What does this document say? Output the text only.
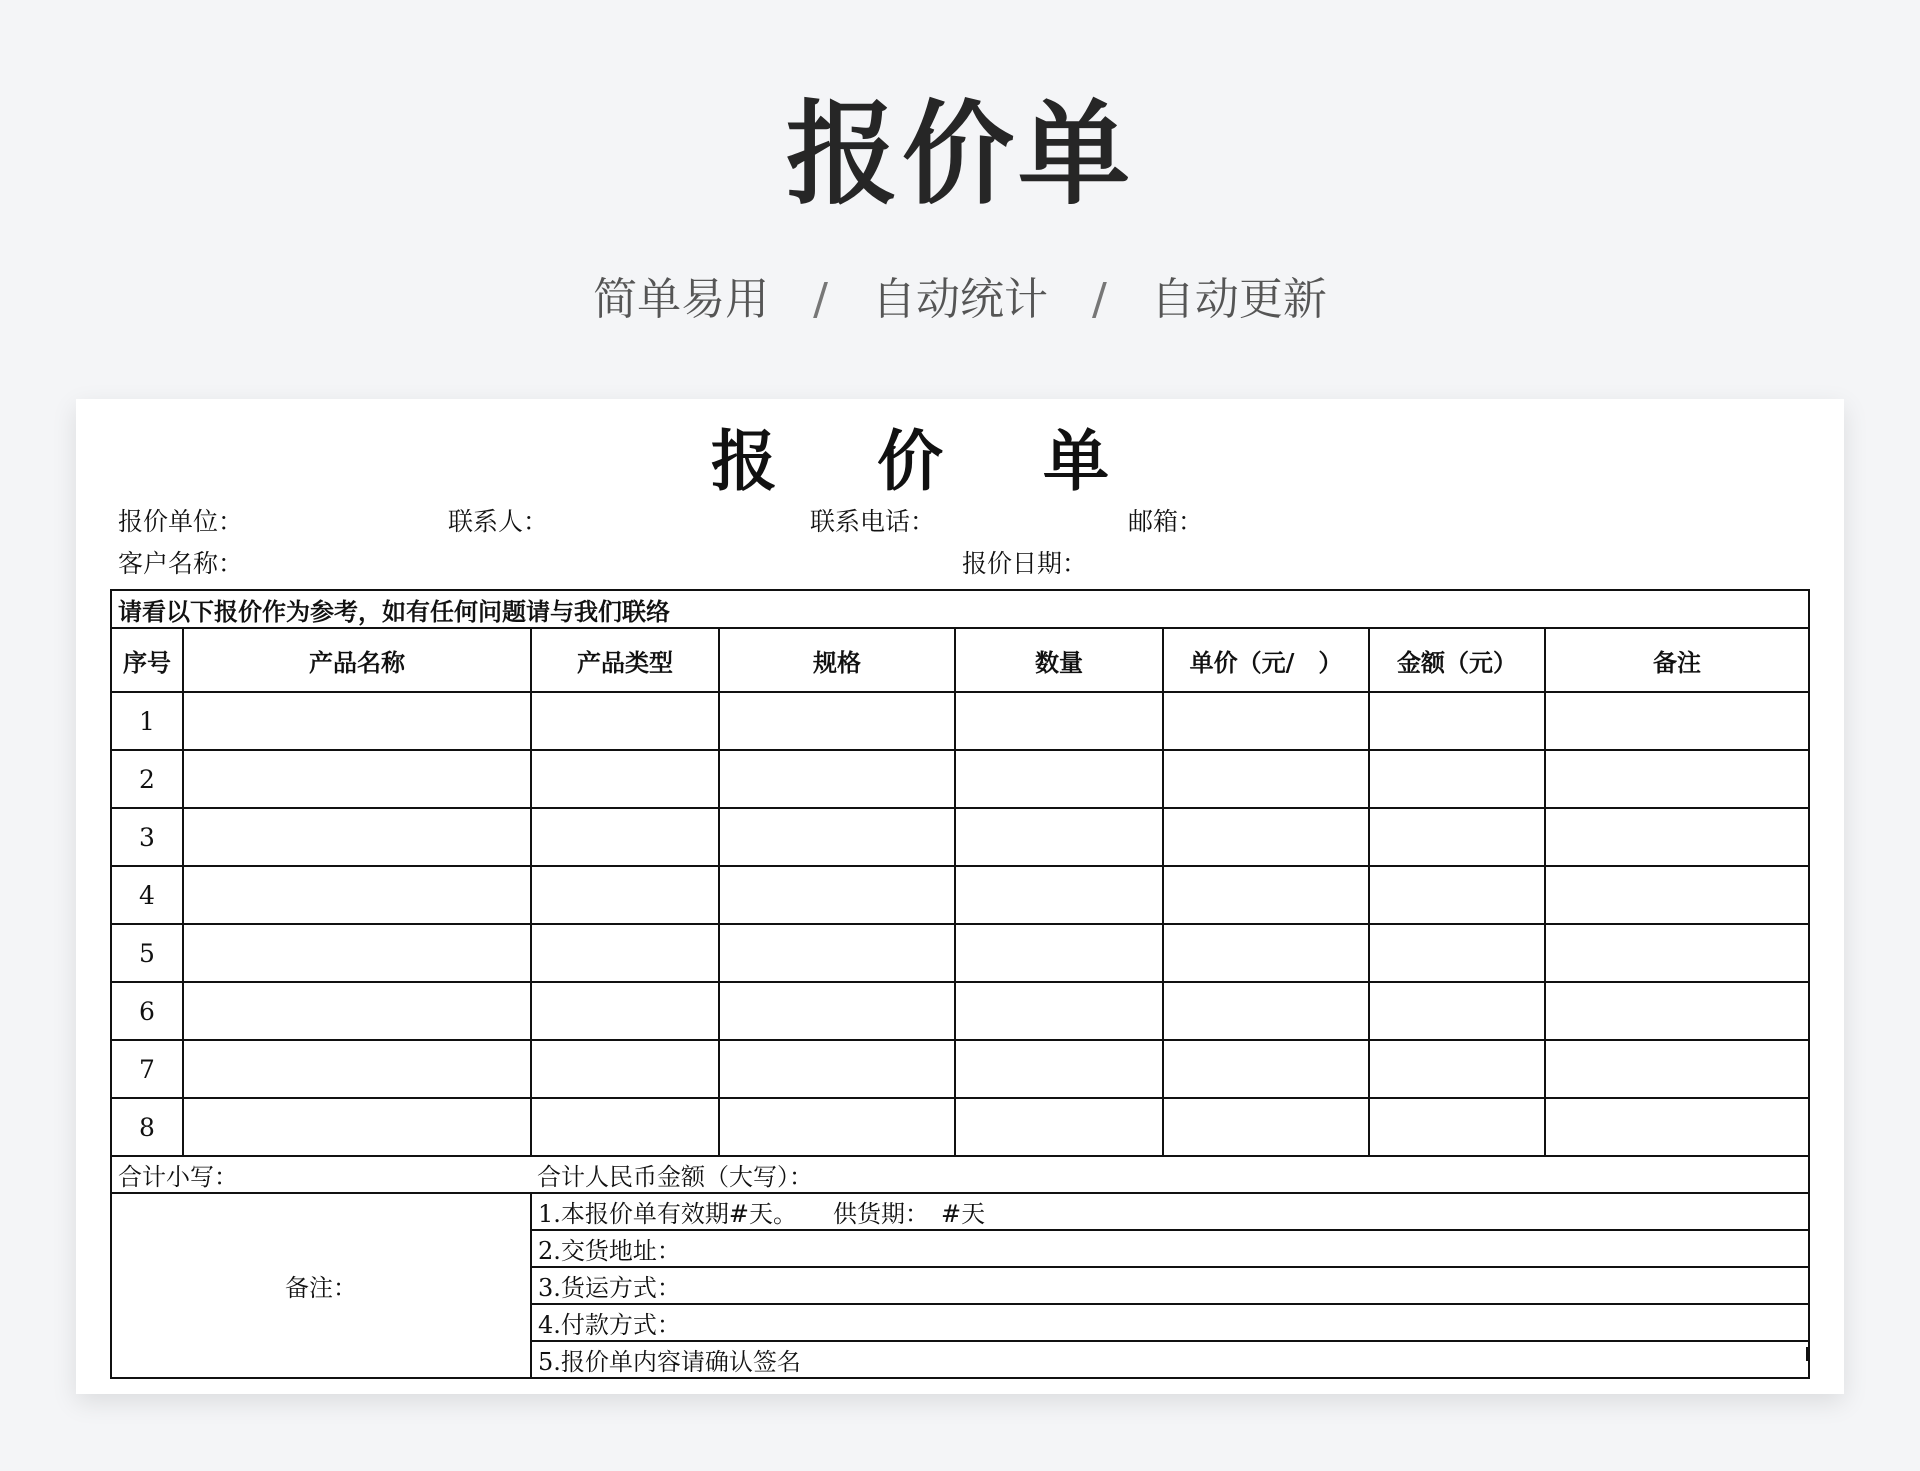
报价单
简单易用 / 自动统计 / 自动更新
报价单
报价单位：	联系人：	联系电话：	邮箱：
客户名称：	报价日期：
请看以下报价作为参考，如有任何问题请与我们联络							
序号	产品名称	产品类型	规格	数量	单价（元/　）	金额（元）	备注
1							
2							
3							
4							
5							
6							
7							
8							
合计小写：		合计人民币金额（大写）：					
备注：		1.本报价单有效期#天。　　供货期：　#天					
		2.交货地址：					
		3.货运方式：					
		4.付款方式：					
		5.报价单内容请确认签名					
